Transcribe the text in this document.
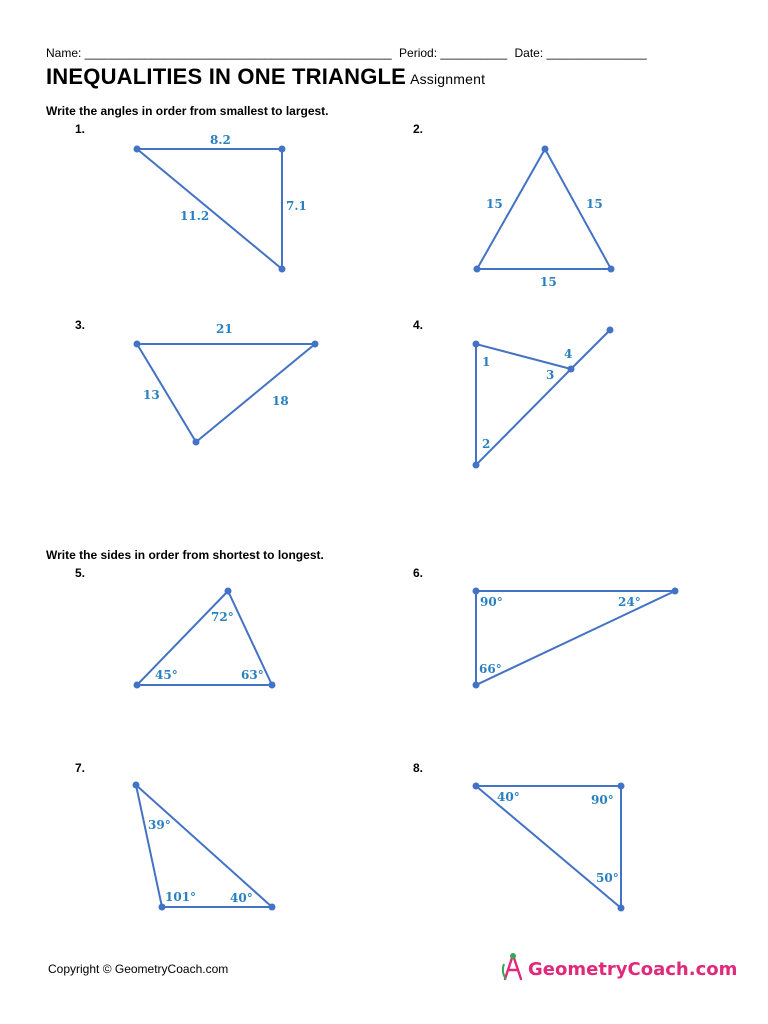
Name: ______________________________________________ Period: __________ Date: _______________
INEQUALITIES IN ONE TRIANGLE Assignment
Write the angles in order from smallest to largest.
Write the sides in order from shortest to longest.
1.	2.
3.	4.
5.	6.
7.	8.
8.2
11.2
7.1	15	15
15
21
13	18
1
4
3
2
72°
45°	63°
90°	24°
66°
39°
101°	40°
40°	90°
50°
Copyright © GeometryCoach.com	GeometryCoach.com
